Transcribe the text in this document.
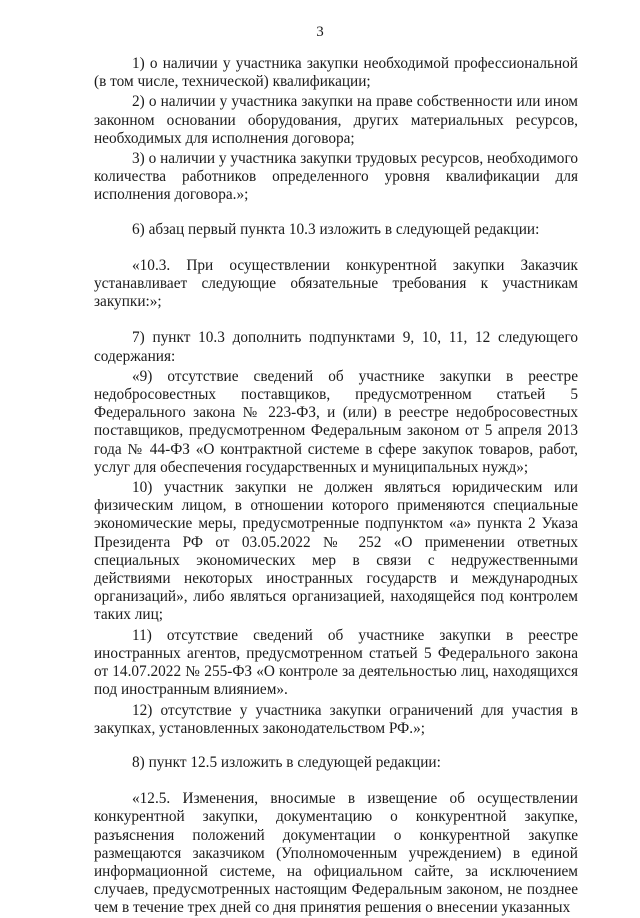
3

1) о наличии у участника закупки необходимой профессиональной (в том числе, технической) квалификации;

2) о наличии у участника закупки на праве собственности или ином законном основании оборудования, других материальных ресурсов, необходимых для исполнения договора;

3) о наличии у участника закупки трудовых ресурсов, необходимого количества работников определенного уровня квалификации для исполнения договора.»;

6) абзац первый пункта 10.3 изложить в следующей редакции:

«10.3. При осуществлении конкурентной закупки Заказчик устанавливает следующие обязательные требования к участникам закупки:»;

7) пункт 10.3 дополнить подпунктами 9, 10, 11, 12 следующего содержания:

«9) отсутствие сведений об участнике закупки в реестре недобросовестных поставщиков, предусмотренном статьей 5 Федерального закона № 223-ФЗ, и (или) в реестре недобросовестных поставщиков, предусмотренном Федеральным законом от 5 апреля 2013 года № 44-ФЗ «О контрактной системе в сфере закупок товаров, работ, услуг для обеспечения государственных и муниципальных нужд»;

10) участник закупки не должен являться юридическим или физическим лицом, в отношении которого применяются специальные экономические меры, предусмотренные подпунктом «а» пункта 2 Указа Президента РФ от 03.05.2022 № 252 «О применении ответных специальных экономических мер в связи с недружественными действиями некоторых иностранных государств и международных организаций», либо являться организацией, находящейся под контролем таких лиц;

11) отсутствие сведений об участнике закупки в реестре иностранных агентов, предусмотренном статьей 5 Федерального закона от 14.07.2022 № 255-ФЗ «О контроле за деятельностью лиц, находящихся под иностранным влиянием».

12) отсутствие у участника закупки ограничений для участия в закупках, установленных законодательством РФ.»;

8) пункт 12.5 изложить в следующей редакции:

«12.5. Изменения, вносимые в извещение об осуществлении конкурентной закупки, документацию о конкурентной закупке, разъяснения положений документации о конкурентной закупке размещаются заказчиком (Уполномоченным учреждением) в единой информационной системе, на официальном сайте, за исключением случаев, предусмотренных настоящим Федеральным законом, не позднее чем в течение трех дней со дня принятия решения о внесении указанных
